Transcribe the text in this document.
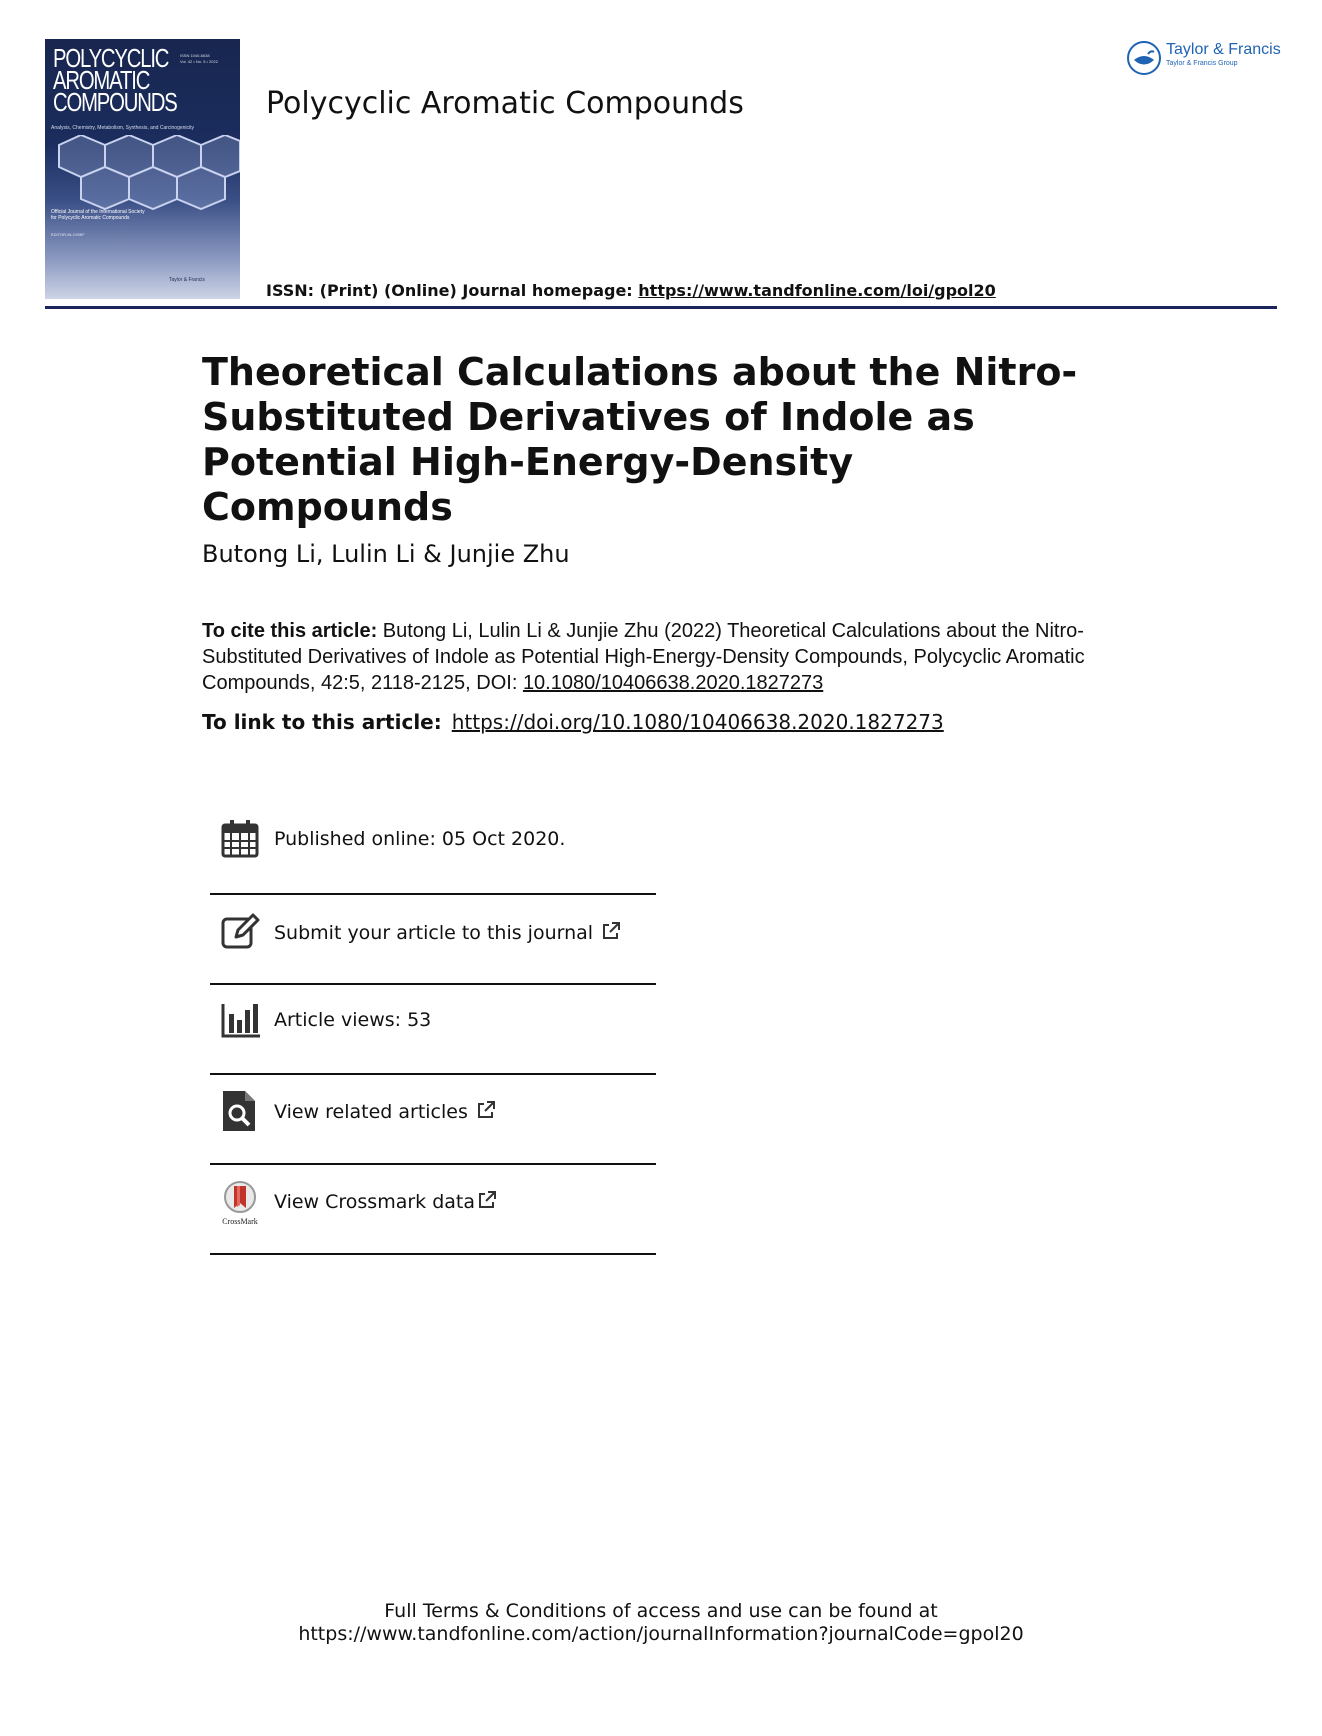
POLYCYCLIC AROMATIC COMPOUNDS
ISSN 1040-6638
Vol. 42 • No. 5 • 2022
Analysis, Chemistry, Metabolism, Synthesis, and Carcinogenicity
Official Journal of the International Society for Polycyclic Aromatic Compounds
EDITOR-IN-CHIEF
Taylor & Francis
Polycyclic Aromatic Compounds
Taylor & Francis
Taylor & Francis Group
ISSN: (Print) (Online) Journal homepage: https://www.tandfonline.com/loi/gpol20
Theoretical Calculations about the Nitro-Substituted Derivatives of Indole as Potential High-Energy-Density Compounds
Butong Li, Lulin Li & Junjie Zhu
To cite this article: Butong Li, Lulin Li & Junjie Zhu (2022) Theoretical Calculations about the Nitro-Substituted Derivatives of Indole as Potential High-Energy-Density Compounds, Polycyclic Aromatic Compounds, 42:5, 2118-2125, DOI: 10.1080/10406638.2020.1827273
To link to this article: https://doi.org/10.1080/10406638.2020.1827273
Published online: 05 Oct 2020.
Submit your article to this journal
Article views: 53
View related articles
CrossMark
View Crossmark data
Full Terms & Conditions of access and use can be found at
https://www.tandfonline.com/action/journalInformation?journalCode=gpol20
